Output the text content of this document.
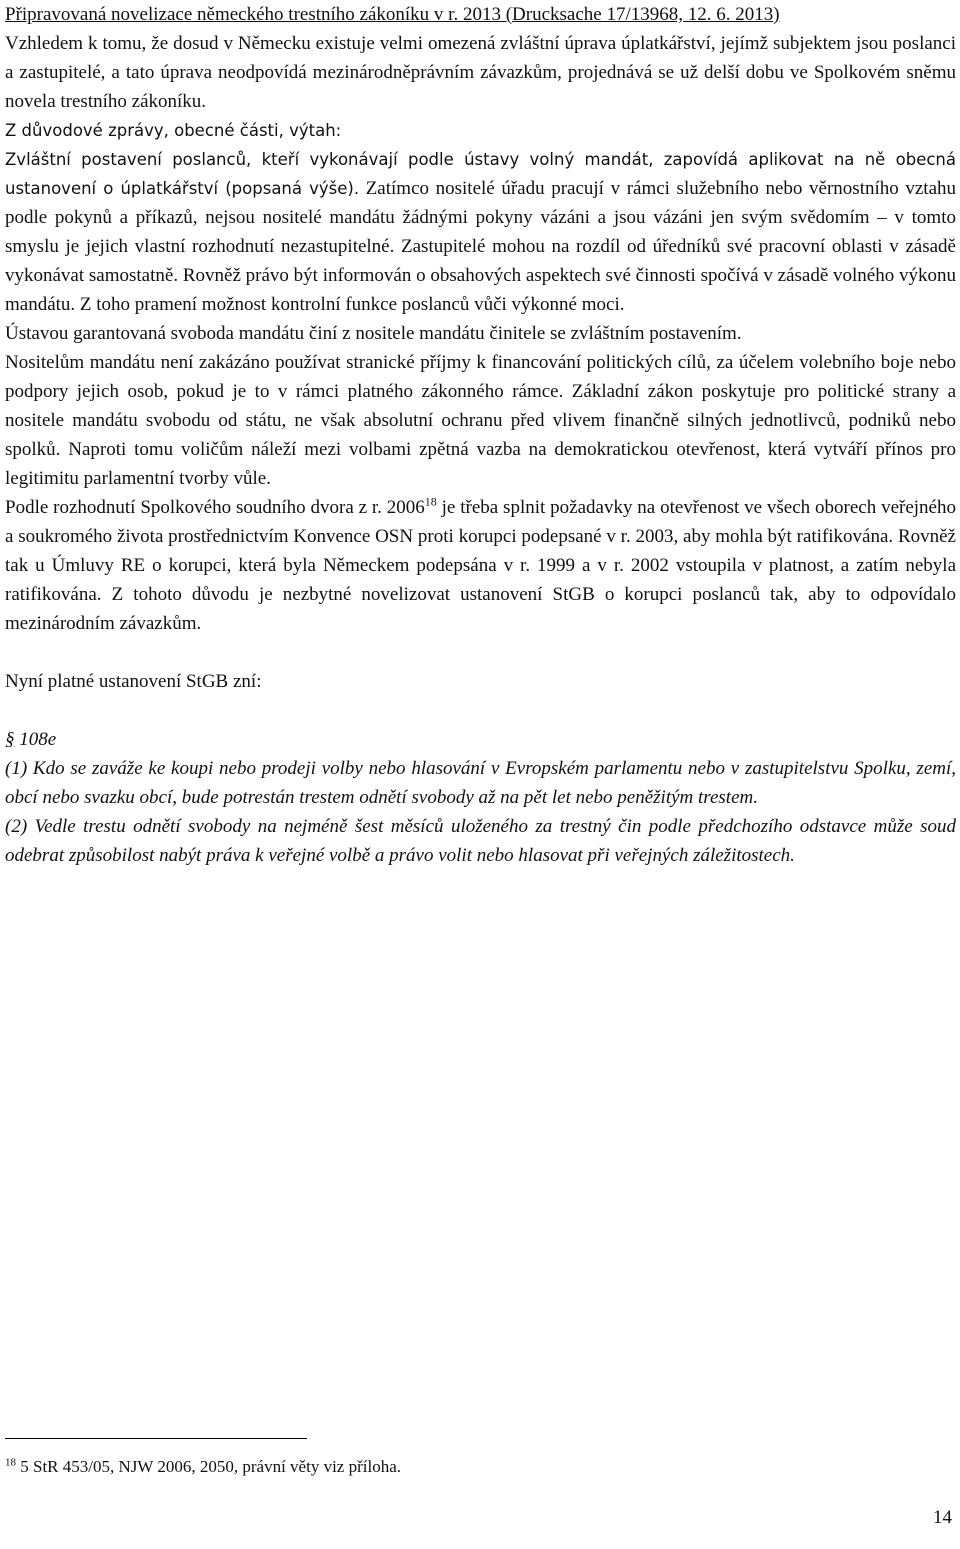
Připravovaná novelizace německého trestního zákoníku v r. 2013 (Drucksache 17/13968, 12. 6. 2013)

Vzhledem k tomu, že dosud v Německu existuje velmi omezená zvláštní úprava úplatkářství, jejímž subjektem jsou poslanci a zastupitelé, a tato úprava neodpovídá mezinárodněprávním závazkům, projednává se už delší dobu ve Spolkovém sněmu novela trestního zákoníku.

Z důvodové zprávy, obecné části, výtah:

Zvláštní postavení poslanců, kteří vykonávají podle ústavy volný mandát, zapovídá aplikovat na ně obecná ustanovení o úplatkářství (popsaná výše). Zatímco nositelé úřadu pracují v rámci služebního nebo věrnostního vztahu podle pokynů a příkazů, nejsou nositelé mandátu žádnými pokyny vázáni a jsou vázáni jen svým svědomím – v tomto smyslu je jejich vlastní rozhodnutí nezastupitelné. Zastupitelé mohou na rozdíl od úředníků své pracovní oblasti v zásadě vykonávat samostatně. Rovněž právo být informován o obsahových aspektech své činnosti spočívá v zásadě volného výkonu mandátu. Z toho pramení možnost kontrolní funkce poslanců vůči výkonné moci.

Ústavou garantovaná svoboda mandátu činí z nositele mandátu činitele se zvláštním postavením.

Nositelům mandátu není zakázáno používat stranické příjmy k financování politických cílů, za účelem volebního boje nebo podpory jejich osob, pokud je to v rámci platného zákonného rámce. Základní zákon poskytuje pro politické strany a nositele mandátu svobodu od státu, ne však absolutní ochranu před vlivem finančně silných jednotlivců, podniků nebo spolků. Naproti tomu voličům náleží mezi volbami zpětná vazba na demokratickou otevřenost, která vytváří přínos pro legitimitu parlamentní tvorby vůle.

Podle rozhodnutí Spolkového soudního dvora z r. 2006$^{18}$ je třeba splnit požadavky na otevřenost ve všech oborech veřejného a soukromého života prostřednictvím Konvence OSN proti korupci podepsané v r. 2003, aby mohla být ratifikována. Rovněž tak u Úmluvy RE o korupci, která byla Německem podepsána v r. 1999 a v r. 2002 vstoupila v platnost, a zatím nebyla ratifikována. Z tohoto důvodu je nezbytné novelizovat ustanovení StGB o korupci poslanců tak, aby to odpovídalo mezinárodním závazkům.

Nyní platné ustanovení StGB zní:

§ 108e

(1) Kdo se zaváže ke koupi nebo prodeji volby nebo hlasování v Evropském parlamentu nebo v zastupitelstvu Spolku, zemí, obcí nebo svazku obcí, bude potrestán trestem odnětí svobody až na pět let nebo peněžitým trestem.

(2) Vedle trestu odnětí svobody na nejméně šest měsíců uloženého za trestný čin podle předchozího odstavce může soud odebrat způsobilost nabýt práva k veřejné volbě a právo volit nebo hlasovat při veřejných záležitostech.

$^{18}$ 5 StR 453/05, NJW 2006, 2050, právní věty viz příloha.
14
